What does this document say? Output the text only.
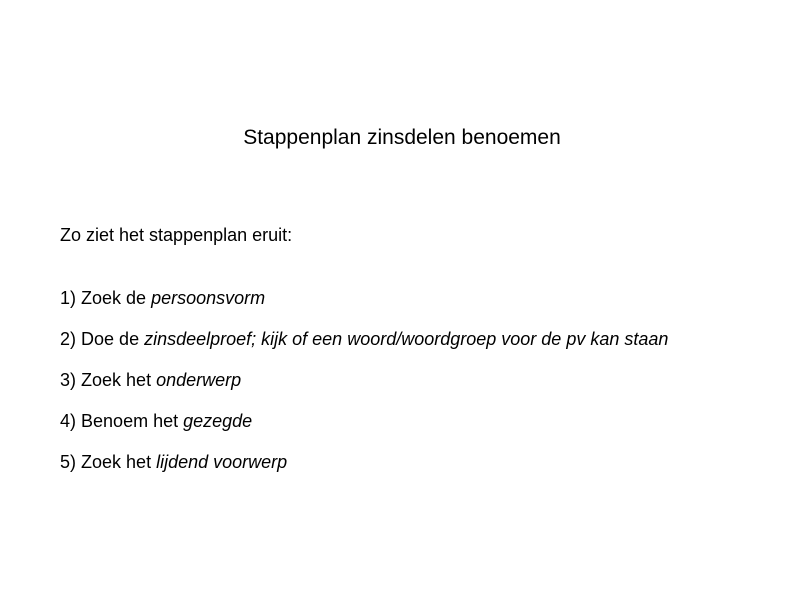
Stappenplan zinsdelen benoemen
Zo ziet het stappenplan eruit:
1) Zoek de persoonsvorm
2) Doe de zinsdeelproef; kijk of een woord/woordgroep voor de pv kan staan
3) Zoek het onderwerp
4) Benoem het gezegde
5) Zoek het lijdend voorwerp
